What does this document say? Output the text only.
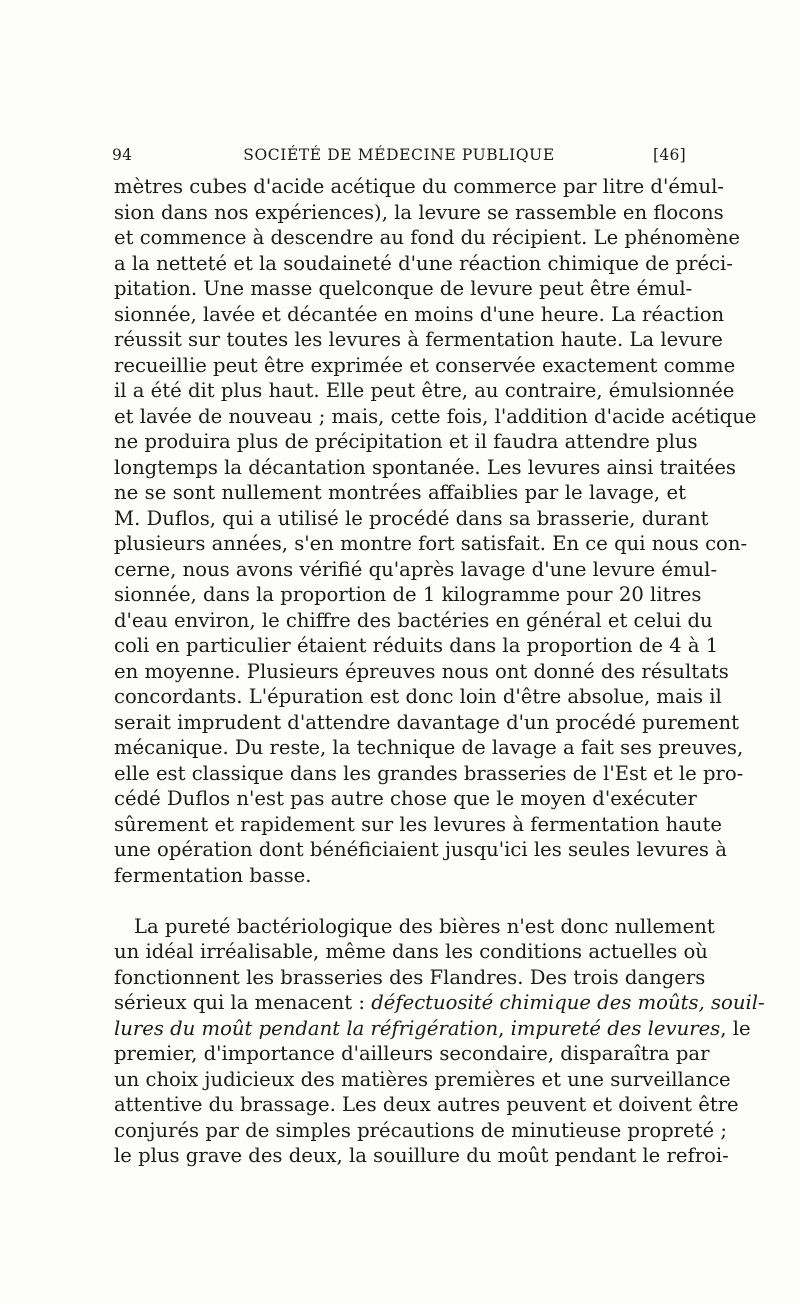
94	SOCIÉTÉ DE MÉDECINE PUBLIQUE	[46]
mètres cubes d'acide acétique du commerce par litre d'émul-
sion dans nos expériences), la levure se rassemble en flocons
et commence à descendre au fond du récipient. Le phénomène
a la netteté et la soudaineté d'une réaction chimique de préci-
pitation. Une masse quelconque de levure peut être émul-
sionnée, lavée et décantée en moins d'une heure. La réaction
réussit sur toutes les levures à fermentation haute. La levure
recueillie peut être exprimée et conservée exactement comme
il a été dit plus haut. Elle peut être, au contraire, émulsionnée
et lavée de nouveau ; mais, cette fois, l'addition d'acide acétique
ne produira plus de précipitation et il faudra attendre plus
longtemps la décantation spontanée. Les levures ainsi traitées
ne se sont nullement montrées affaiblies par le lavage, et
M. Duflos, qui a utilisé le procédé dans sa brasserie, durant
plusieurs années, s'en montre fort satisfait. En ce qui nous con-
cerne, nous avons vérifié qu'après lavage d'une levure émul-
sionnée, dans la proportion de 1 kilogramme pour 20 litres
d'eau environ, le chiffre des bactéries en général et celui du
coli en particulier étaient réduits dans la proportion de 4 à 1
en moyenne. Plusieurs épreuves nous ont donné des résultats
concordants. L'épuration est donc loin d'être absolue, mais il
serait imprudent d'attendre davantage d'un procédé purement
mécanique. Du reste, la technique de lavage a fait ses preuves,
elle est classique dans les grandes brasseries de l'Est et le pro-
cédé Duflos n'est pas autre chose que le moyen d'exécuter
sûrement et rapidement sur les levures à fermentation haute
une opération dont bénéficiaient jusqu'ici les seules levures à
fermentation basse.
La pureté bactériologique des bières n'est donc nullement
un idéal irréalisable, même dans les conditions actuelles où
fonctionnent les brasseries des Flandres. Des trois dangers
sérieux qui la menacent : défectuosité chimique des moûts, souil-
lures du moût pendant la réfrigération, impureté des levures, le
premier, d'importance d'ailleurs secondaire, disparaîtra par
un choix judicieux des matières premières et une surveillance
attentive du brassage. Les deux autres peuvent et doivent être
conjurés par de simples précautions de minutieuse propreté ;
le plus grave des deux, la souillure du moût pendant le refroi-
